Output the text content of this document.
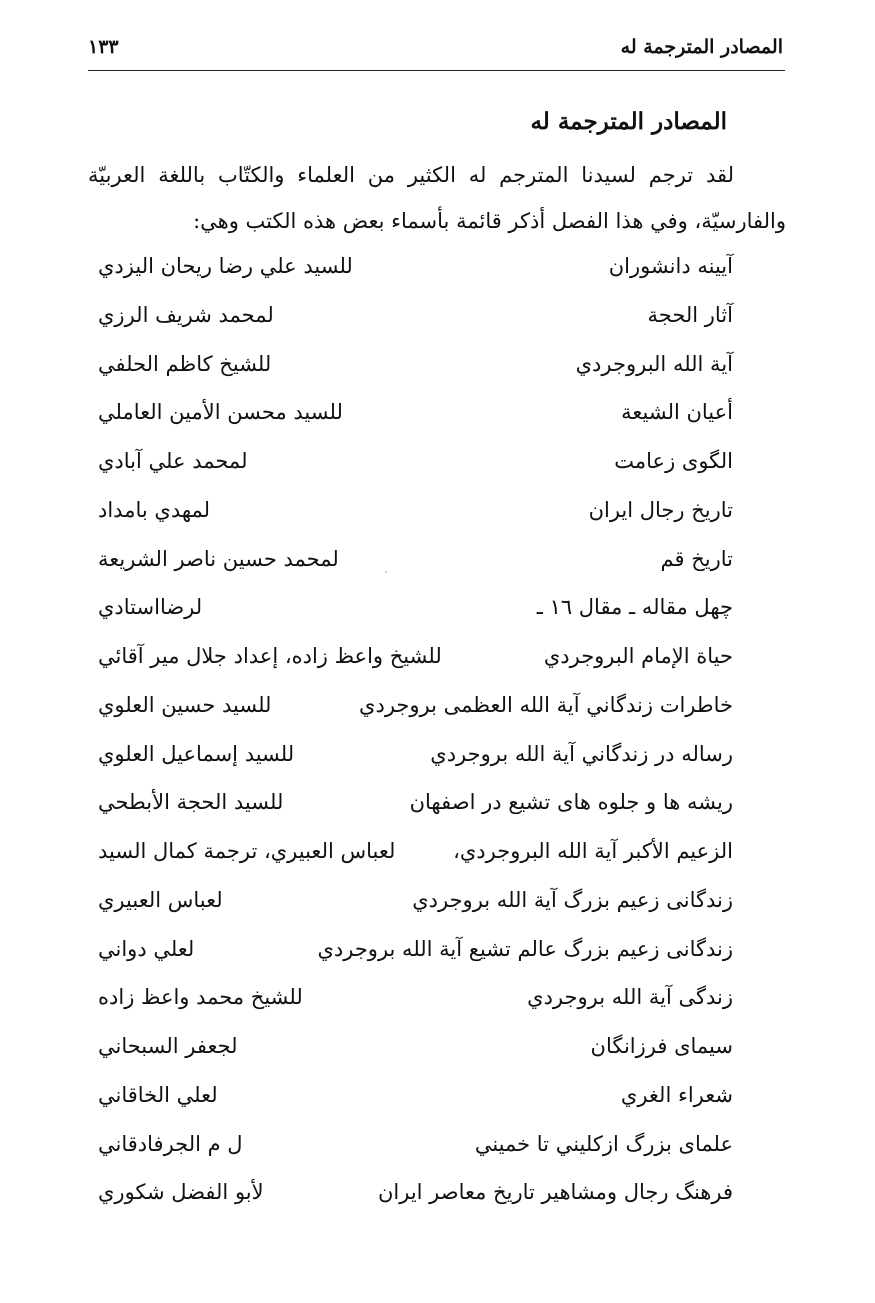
المصادر المترجمة له
١٣٣
المصادر المترجمة له
لقد ترجم لسيدنا المترجم له الكثير من العلماء والكتّاب باللغة العربيّة
والفارسيّة، وفي هذا الفصل أذكر قائمة بأسماء بعض هذه الكتب وهي:
آيينه دانشوران
للسيد علي رضا ريحان اليزدي
آثار الحجة
لمحمد شريف الرزي
آية الله البروجردي
للشيخ كاظم الحلفي
أعيان الشيعة
للسيد محسن الأمين العاملي
الگوى زعامت
لمحمد علي آبادي
تاريخ رجال ايران
لمهدي بامداد
تاريخ قم
لمحمد حسين ناصر الشريعة
چهل مقاله ـ مقال ١٦ ـ
لرضااستادي
حياة الإمام البروجردي
للشيخ واعظ زاده، إعداد جلال مير آقائي
خاطرات زندگاني آية الله العظمى بروجردي
للسيد حسين العلوي
رساله در زندگاني آية الله بروجردي
للسيد إسماعيل العلوي
ريشه ها و جلوه هاى تشيع در اصفهان
للسيد الحجة الأبطحي
الزعيم الأكبر آية الله البروجردي،
لعباس العبيري، ترجمة كمال السيد
زندگانى زعيم بزرگ آية الله بروجردي
لعباس العبيري
زندگانى زعيم بزرگ عالم تشيع آية الله بروجردي
لعلي دواني
زندگى آية الله بروجردي
للشيخ محمد واعظ زاده
سيماى فرزانگان
لجعفر السبحاني
شعراء الغري
لعلي الخاقاني
علماى بزرگ ازكليني تا خميني
ل م الجرفادقاني
فرهنگ رجال ومشاهير تاريخ معاصر ايران
لأبو الفضل شكوري
